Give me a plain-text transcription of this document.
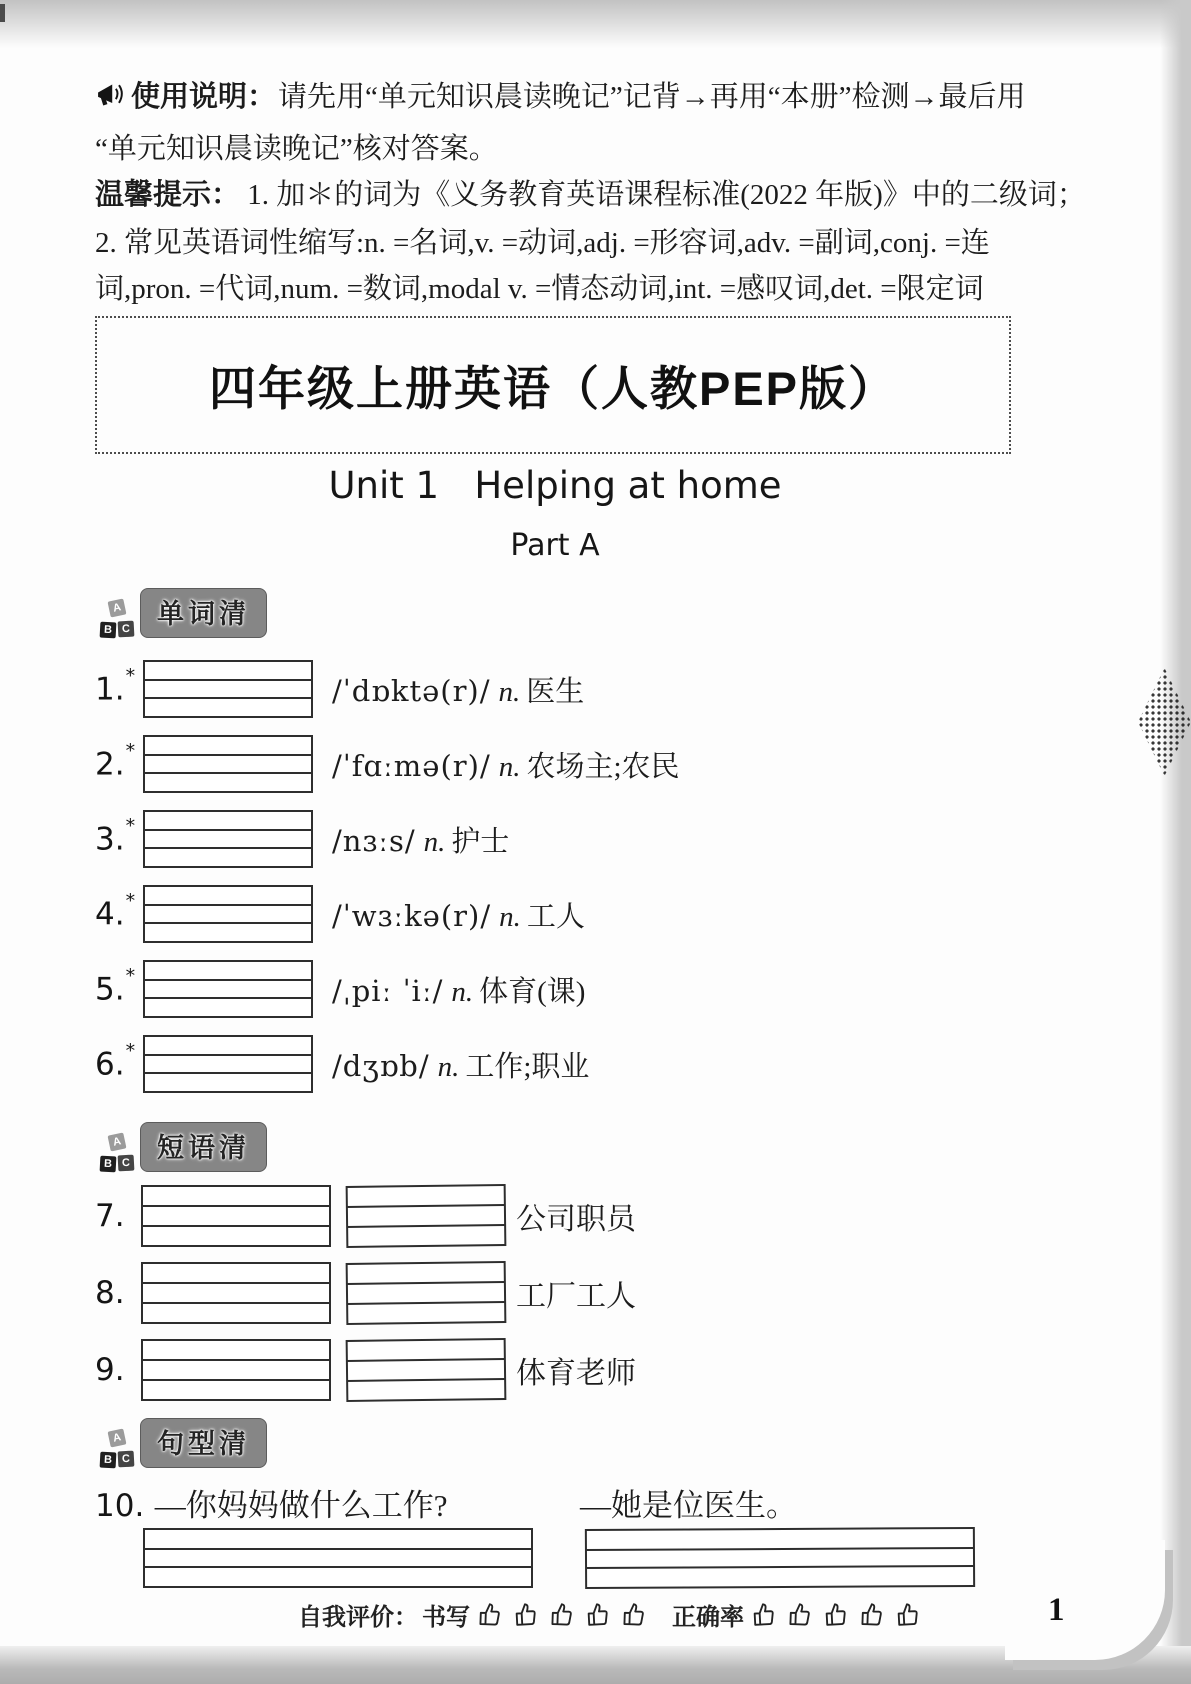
使用说明： 请先用“单元知识晨读晚记”记背→再用“本册”检测→最后用
“单元知识晨读晚记”核对答案。
温馨提示： 1. 加＊的词为《义务教育英语课程标准(2022 年版)》中的二级词；
2. 常见英语词性缩写:n. =名词,v. =动词,adj. =形容词,adv. =副词,conj. =连
词,pron. =代词,num. =数词,modal v. =情态动词,int. =感叹词,det. =限定词
四年级上册英语（人教PEP版）
Unit 1   Helping at home
Part A
A
B C
单词清
1.*	/ˈdɒktə(r)/ n. 医生
2.*	/ˈfɑːmə(r)/ n. 农场主;农民
3.*	/nɜːs/ n. 护士
4.*	/ˈwɜːkə(r)/ n. 工人
5.*	/ˌpiː ˈiː/ n. 体育(课)
6.*	/dʒɒb/ n. 工作;职业
A
B C
短语清
7.	公司职员
8.	工厂工人
9.	体育老师
A
B C
句型清
10. —你妈妈做什么工作?	—她是位医生。
自我评价： 书写	正确率	1
